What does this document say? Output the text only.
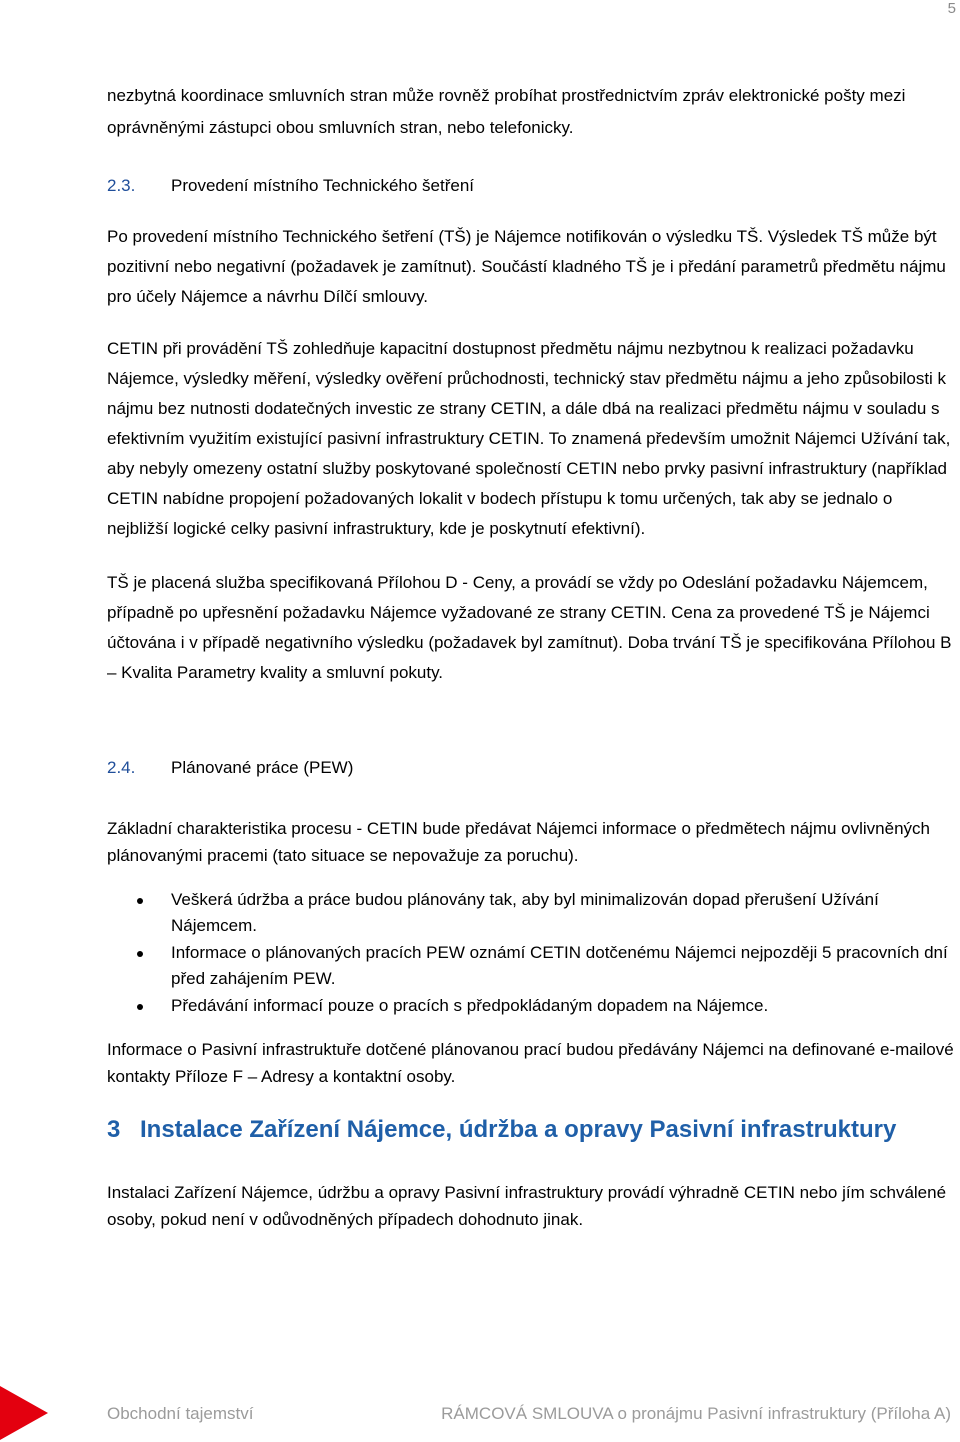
5

nezbytná koordinace smluvních stran může rovněž probíhat prostřednictvím zpráv elektronické pošty mezi oprávněnými zástupci obou smluvních stran, nebo telefonicky.

2.3.	Provedení místního Technického šetření

Po provedení místního Technického šetření (TŠ) je Nájemce notifikován o výsledku TŠ. Výsledek TŠ může být pozitivní nebo negativní (požadavek je zamítnut). Součástí kladného TŠ je i předání parametrů předmětu nájmu pro účely Nájemce a návrhu Dílčí smlouvy.

CETIN při provádění TŠ zohledňuje kapacitní dostupnost předmětu nájmu nezbytnou k realizaci požadavku Nájemce, výsledky měření, výsledky ověření průchodnosti, technický stav předmětu nájmu a jeho způsobilosti k nájmu bez nutnosti dodatečných investic ze strany CETIN, a dále dbá na realizaci předmětu nájmu v souladu s efektivním využitím existující pasivní infrastruktury CETIN. To znamená především umožnit Nájemci Užívání tak, aby nebyly omezeny ostatní služby poskytované společností CETIN nebo prvky pasivní infrastruktury (například CETIN nabídne propojení požadovaných lokalit v bodech přístupu k tomu určených, tak aby se jednalo o nejbližší logické celky pasivní infrastruktury, kde je poskytnutí efektivní).

TŠ je placená služba specifikovaná Přílohou D - Ceny, a provádí se vždy po Odeslání požadavku Nájemcem, případně po upřesnění požadavku Nájemce vyžadované ze strany CETIN. Cena za provedené TŠ je Nájemci účtována i v případě negativního výsledku (požadavek byl zamítnut). Doba trvání TŠ je specifikována Přílohou B – Kvalita Parametry kvality a smluvní pokuty.

2.4.	Plánované práce (PEW)

Základní charakteristika procesu - CETIN bude předávat Nájemci informace o předmětech nájmu ovlivněných plánovanými pracemi (tato situace se nepovažuje za poruchu).

Veškerá údržba a práce budou plánovány tak, aby byl minimalizován dopad přerušení Užívání Nájemcem.
Informace o plánovaných pracích PEW oznámí CETIN dotčenému Nájemci nejpozději 5 pracovních dní před zahájením PEW.
Předávání informací pouze o pracích s předpokládaným dopadem na Nájemce.

Informace o Pasivní infrastruktuře dotčené plánovanou prací budou předávány Nájemci na definované e-mailové kontakty Příloze F – Adresy a kontaktní osoby.

3 Instalace Zařízení Nájemce, údržba a opravy Pasivní infrastruktury

Instalaci Zařízení Nájemce, údržbu a opravy Pasivní infrastruktury provádí výhradně CETIN nebo jím schválené osoby, pokud není v odůvodněných případech dohodnuto jinak.

Obchodní tajemství	RÁMCOVÁ SMLOUVA o pronájmu Pasivní infrastruktury (Příloha A)
